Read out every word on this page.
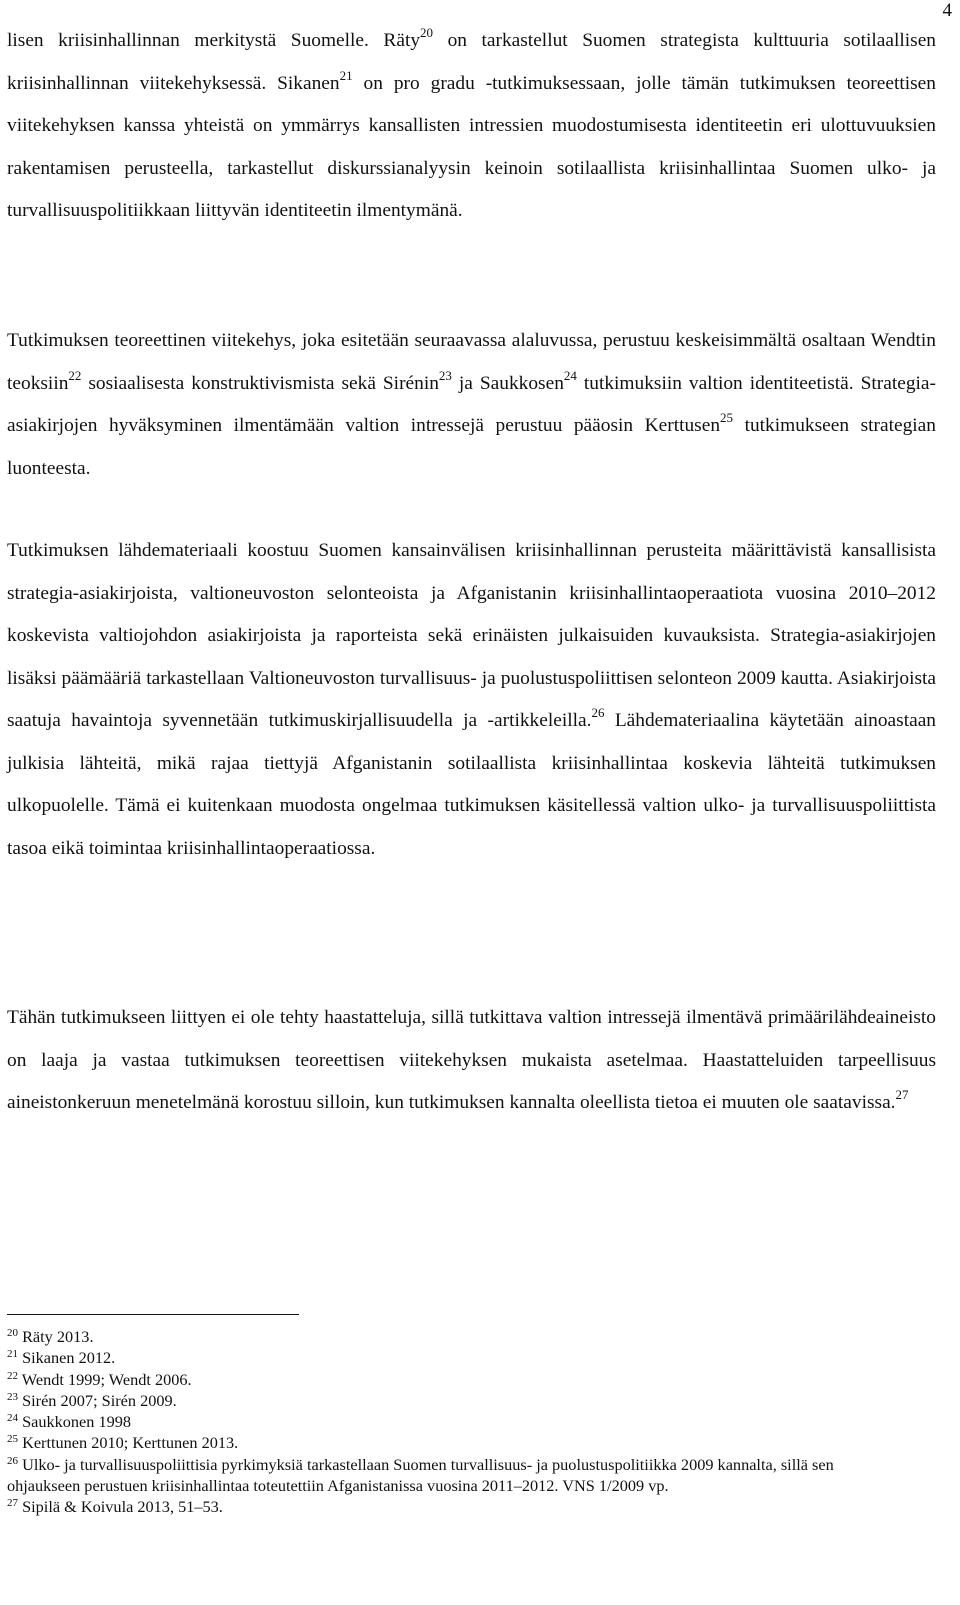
4

lisen kriisinhallinnan merkitystä Suomelle. Räty$^{20}$ on tarkastellut Suomen strategista kulttuuria sotilaallisen kriisinhallinnan viitekehyksessä. Sikanen$^{21}$ on pro gradu -tutkimuksessaan, jolle tämän tutkimuksen teoreettisen viitekehyksen kanssa yhteistä on ymmärrys kansallisten intressien muodostumisesta identiteetin eri ulottuvuuksien rakentamisen perusteella, tarkastellut diskurssianalyysin keinoin sotilaallista kriisinhallintaa Suomen ulko- ja turvallisuuspolitiikkaan liittyvän identiteetin ilmentymänä.

Tutkimuksen teoreettinen viitekehys, joka esitetään seuraavassa alaluvussa, perustuu keskeisimmältä osaltaan Wendtin teoksiin$^{22}$ sosiaalisesta konstruktivismista sekä Sirénin$^{23}$ ja Saukkosen$^{24}$ tutkimuksiin valtion identiteetistä. Strategia-asiakirjojen hyväksyminen ilmentämään valtion intressejä perustuu pääosin Kerttusen$^{25}$ tutkimukseen strategian luonteesta.

Tutkimuksen lähdemateriaali koostuu Suomen kansainvälisen kriisinhallinnan perusteita määrittävistä kansallisista strategia-asiakirjoista, valtioneuvoston selonteoista ja Afganistanin kriisinhallintaoperaatiota vuosina 2010–2012 koskevista valtiojohdon asiakirjoista ja raporteista sekä erinäisten julkaisuiden kuvauksista. Strategia-asiakirjojen lisäksi päämääriä tarkastellaan Valtioneuvoston turvallisuus- ja puolustuspoliittisen selonteon 2009 kautta. Asiakirjoista saatuja havaintoja syvennetään tutkimuskirjallisuudella ja -artikkeleilla.$^{26}$ Lähdemateriaalina käytetään ainoastaan julkisia lähteitä, mikä rajaa tiettyjä Afganistanin sotilaallista kriisinhallintaa koskevia lähteitä tutkimuksen ulkopuolelle. Tämä ei kuitenkaan muodosta ongelmaa tutkimuksen käsitellessä valtion ulko- ja turvallisuuspoliittista tasoa eikä toimintaa kriisinhallintaoperaatiossa.

Tähän tutkimukseen liittyen ei ole tehty haastatteluja, sillä tutkittava valtion intressejä ilmentävä primäärilähdeaineisto on laaja ja vastaa tutkimuksen teoreettisen viitekehyksen mukaista asetelmaa. Haastatteluiden tarpeellisuus aineistonkeruun menetelmänä korostuu silloin, kun tutkimuksen kannalta oleellista tietoa ei muuten ole saatavissa.$^{27}$

$^{20}$ Räty 2013.

$^{21}$ Sikanen 2012.

$^{22}$ Wendt 1999; Wendt 2006.

$^{23}$ Sirén 2007; Sirén 2009.

$^{24}$ Saukkonen 1998

$^{25}$ Kerttunen 2010; Kerttunen 2013.

$^{26}$ Ulko- ja turvallisuuspoliittisia pyrkimyksiä tarkastellaan Suomen turvallisuus- ja puolustuspolitiikka 2009 kannalta, sillä sen ohjaukseen perustuen kriisinhallintaa toteutettiin Afganistanissa vuosina 2011–2012. VNS 1/2009 vp.

$^{27}$ Sipilä & Koivula 2013, 51–53.
